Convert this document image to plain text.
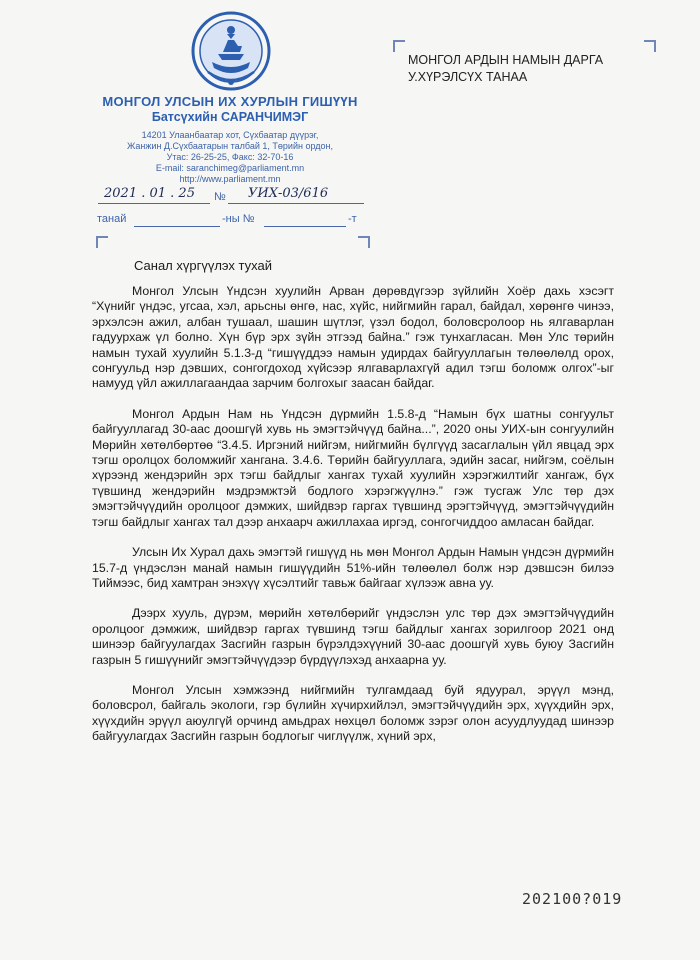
МОНГОЛ УЛСЫН ИХ ХУРЛЫН ГИШҮҮН
Батсүхийн САРАНЧИМЭГ
14201 Улаанбаатар хот, Сүхбаатар дүүрэг,
Жанжин Д.Сүхбаатарын талбай 1, Төрийн ордон,
Утас: 26-25-25, Факс: 32-70-16
E-mail: saranchimeg@parliament.mn
http://www.parliament.mn
МОНГОЛ АРДЫН НАМЫН ДАРГА
У.ХҮРЭЛСҮХ ТАНАА
2021 . 01 . 25 № УИХ-03/616
танай	-ны №	-т
Санал хүргүүлэх тухай

Монгол Улсын Үндсэн хуулийн Арван дөрөвдүгээр зүйлийн Хоёр дахь хэсэгт “Хүнийг үндэс, угсаа, хэл, арьсны өнгө, нас, хүйс, нийгмийн гарал, байдал, хөрөнгө чинээ, эрхэлсэн ажил, албан тушаал, шашин шүтлэг, үзэл бодол, боловсролоор нь ялгаварлан гадуурхаж үл болно. Хүн бүр эрх зүйн этгээд байна.” гэж тунхагласан. Мөн Улс төрийн намын тухай хуулийн 5.1.3-д “гишүүддээ намын удирдах байгууллагын төлөөлөлд орох, сонгуульд нэр дэвших, сонгогдоход хүйсээр ялгаварлахгүй адил тэгш боломж олгох”-ыг намууд үйл ажиллагаандаа зарчим болгохыг заасан байдаг.

Монгол Ардын Нам нь Үндсэн дүрмийн 1.5.8-д “Намын бүх шатны сонгуульт байгууллагад 30-аас доошгүй хувь нь эмэгтэйчүүд байна...”, 2020 оны УИХ-ын сонгуулийн Мөрийн хөтөлбөртөө “3.4.5. Иргэний нийгэм, нийгмийн бүлгүүд засаглалын үйл явцад эрх тэгш оролцох боломжийг хангана. 3.4.6. Төрийн байгууллага, эдийн засаг, нийгэм, соёлын хүрээнд жендэрийн эрх тэгш байдлыг хангах тухай хуулийн хэрэгжилтийг хангаж, бүх түвшинд жендэрийн мэдрэмжтэй бодлого хэрэгжүүлнэ.” гэж тусгаж Улс төр дэх эмэгтэйчүүдийн оролцоог дэмжих, шийдвэр гаргах түвшинд эрэгтэйчүүд, эмэгтэйчүүдийн тэгш байдлыг хангах тал дээр анхаарч ажиллахаа иргэд, сонгогчиддоо амласан байдаг.

Улсын Их Хурал дахь эмэгтэй гишүүд нь мөн Монгол Ардын Намын үндсэн дүрмийн 15.7-д үндэслэн манай намын гишүүдийн 51%-ийн төлөөлөл болж нэр дэвшсэн билээ Тиймээс, бид хамтран энэхүү хүсэлтийг тавьж байгааг хүлээж авна уу.

Дээрх хууль, дүрэм, мөрийн хөтөлбөрийг үндэслэн улс төр дэх эмэгтэйчүүдийн оролцоог дэмжиж, шийдвэр гаргах түвшинд тэгш байдлыг хангах зорилгоор 2021 онд шинээр байгуулагдах Засгийн газрын бүрэлдэхүүний 30-аас доошгүй хувь буюу Засгийн газрын 5 гишүүнийг эмэгтэйчүүдээр бүрдүүлэхэд анхаарна уу.

Монгол Улсын хэмжээнд нийгмийн тулгамдаад буй ядуурал, эрүүл мэнд, боловсрол, байгаль экологи, гэр бүлийн хүчирхийлэл, эмэгтэйчүүдийн эрх, хүүхдийн эрх, хүүхдийн эрүүл аюулгүй орчинд амьдрах нөхцөл боломж зэрэг олон асуудлуудад шинээр байгуулагдах Засгийн газрын бодлогыг чиглүүлж, хүний эрх,

202100?019
